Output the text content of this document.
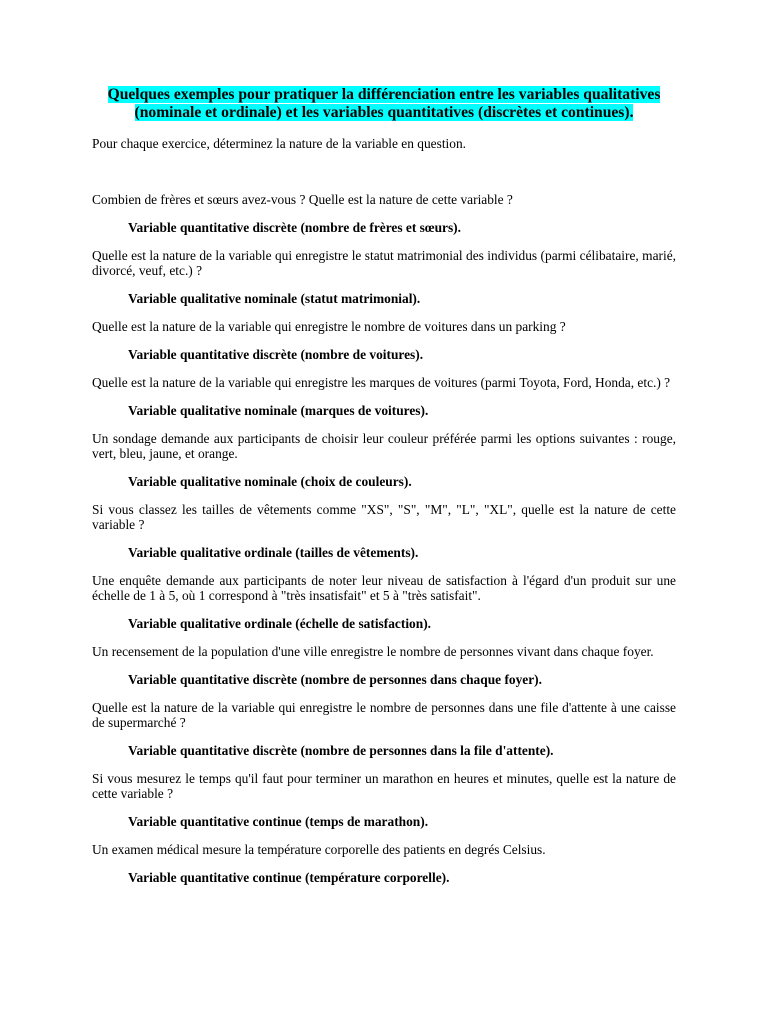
Quelques exemples pour pratiquer la différenciation entre les variables qualitatives (nominale et ordinale) et les variables quantitatives (discrètes et continues).

Pour chaque exercice, déterminez la nature de la variable en question.

Combien de frères et sœurs avez-vous ? Quelle est la nature de cette variable ?

Variable quantitative discrète (nombre de frères et sœurs).

Quelle est la nature de la variable qui enregistre le statut matrimonial des individus (parmi célibataire, marié, divorcé, veuf, etc.) ?

Variable qualitative nominale (statut matrimonial).

Quelle est la nature de la variable qui enregistre le nombre de voitures dans un parking ?

Variable quantitative discrète (nombre de voitures).

Quelle est la nature de la variable qui enregistre les marques de voitures (parmi Toyota, Ford, Honda, etc.) ?

Variable qualitative nominale (marques de voitures).

Un sondage demande aux participants de choisir leur couleur préférée parmi les options suivantes : rouge, vert, bleu, jaune, et orange.

Variable qualitative nominale (choix de couleurs).

Si vous classez les tailles de vêtements comme "XS", "S", "M", "L", "XL", quelle est la nature de cette variable ?

Variable qualitative ordinale (tailles de vêtements).

Une enquête demande aux participants de noter leur niveau de satisfaction à l'égard d'un produit sur une échelle de 1 à 5, où 1 correspond à "très insatisfait" et 5 à "très satisfait".

Variable qualitative ordinale (échelle de satisfaction).

Un recensement de la population d'une ville enregistre le nombre de personnes vivant dans chaque foyer.

Variable quantitative discrète (nombre de personnes dans chaque foyer).

Quelle est la nature de la variable qui enregistre le nombre de personnes dans une file d'attente à une caisse de supermarché ?

Variable quantitative discrète (nombre de personnes dans la file d'attente).

Si vous mesurez le temps qu'il faut pour terminer un marathon en heures et minutes, quelle est la nature de cette variable ?

Variable quantitative continue (temps de marathon).

Un examen médical mesure la température corporelle des patients en degrés Celsius.

Variable quantitative continue (température corporelle).
